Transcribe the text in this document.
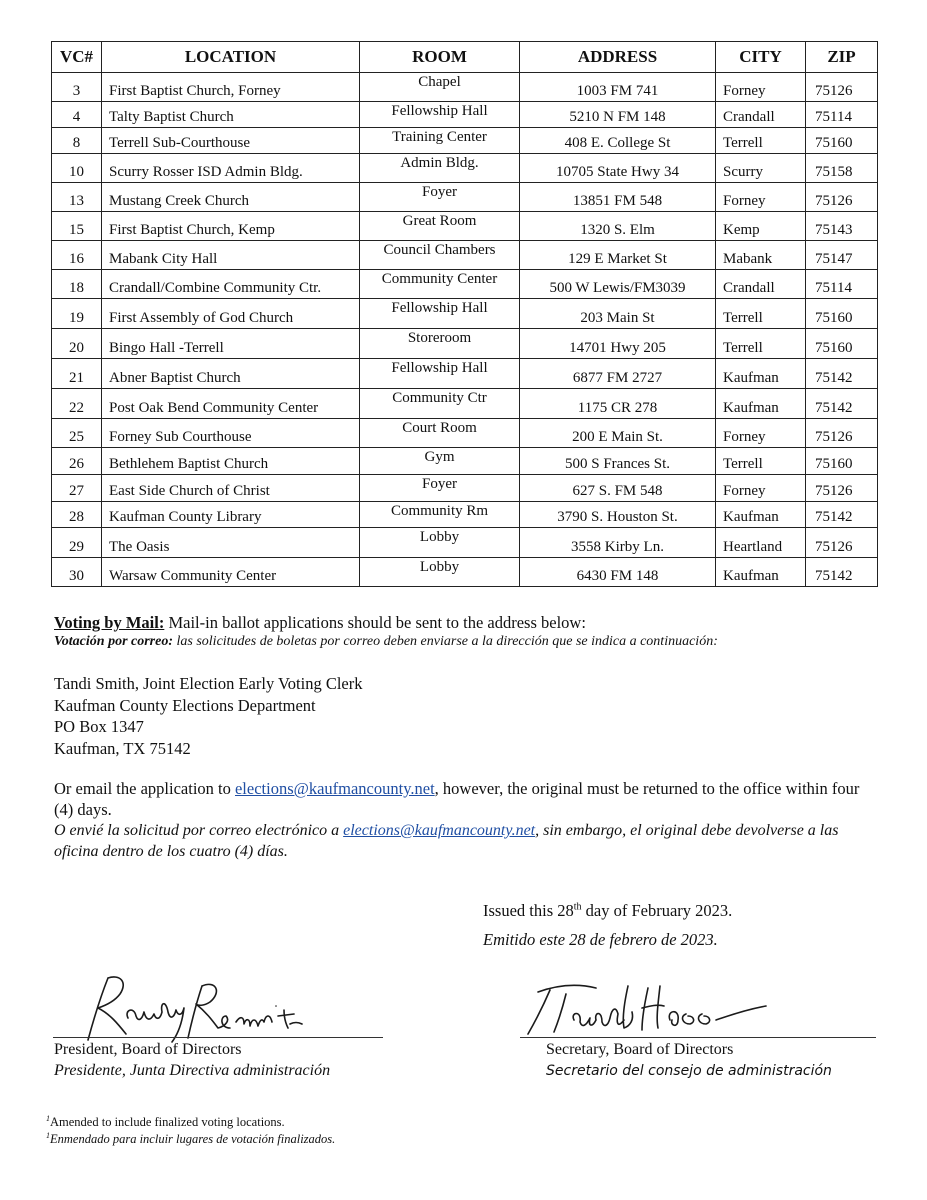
VC#	LOCATION	ROOM	ADDRESS	CITY	ZIP
3	First Baptist Church, Forney	Chapel	1003 FM 741	Forney	75126
4	Talty Baptist Church	Fellowship Hall	5210 N FM 148	Crandall	75114
8	Terrell Sub-Courthouse	Training Center	408 E. College St	Terrell	75160
10	Scurry Rosser ISD Admin Bldg.	Admin Bldg.	10705 State Hwy 34	Scurry	75158
13	Mustang Creek Church	Foyer	13851 FM 548	Forney	75126
15	First Baptist Church, Kemp	Great Room	1320 S. Elm	Kemp	75143
16	Mabank City Hall	Council Chambers	129 E Market St	Mabank	75147
18	Crandall/Combine Community Ctr.	Community Center	500 W Lewis/FM3039	Crandall	75114
19	First Assembly of God Church	Fellowship Hall	203 Main St	Terrell	75160
20	Bingo Hall -Terrell	Storeroom	14701 Hwy 205	Terrell	75160
21	Abner Baptist Church	Fellowship Hall	6877 FM 2727	Kaufman	75142
22	Post Oak Bend Community Center	Community Ctr	1175 CR 278	Kaufman	75142
25	Forney Sub Courthouse	Court Room	200 E Main St.	Forney	75126
26	Bethlehem Baptist Church	Gym	500 S Frances St.	Terrell	75160
27	East Side Church of Christ	Foyer	627 S. FM 548	Forney	75126
28	Kaufman County Library	Community Rm	3790 S. Houston St.	Kaufman	75142
29	The Oasis	Lobby	3558 Kirby Ln.	Heartland	75126
30	Warsaw Community Center	Lobby	6430 FM 148	Kaufman	75142
Voting by Mail: Mail-in ballot applications should be sent to the address below:
Votación por correo: las solicitudes de boletas por correo deben enviarse a la dirección que se indica a continuación:
Tandi Smith, Joint Election Early Voting Clerk
Kaufman County Elections Department
PO Box 1347
Kaufman, TX 75142
Or email the application to elections@kaufmancounty.net, however, the original must be returned to the office within four (4) days.
O envié la solicitud por correo electrónico a elections@kaufmancounty.net, sin embargo, el original debe devolverse a las oficina dentro de los cuatro (4) días.
Issued this 28th day of February 2023.
Emitido este 28 de febrero de 2023.
President, Board of Directors
Presidente, Junta Directiva administración
Secretary, Board of Directors
Secretario del consejo de administración
$^1$Amended to include finalized voting locations.
$^1$Enmendado para incluir lugares de votación finalizados.
